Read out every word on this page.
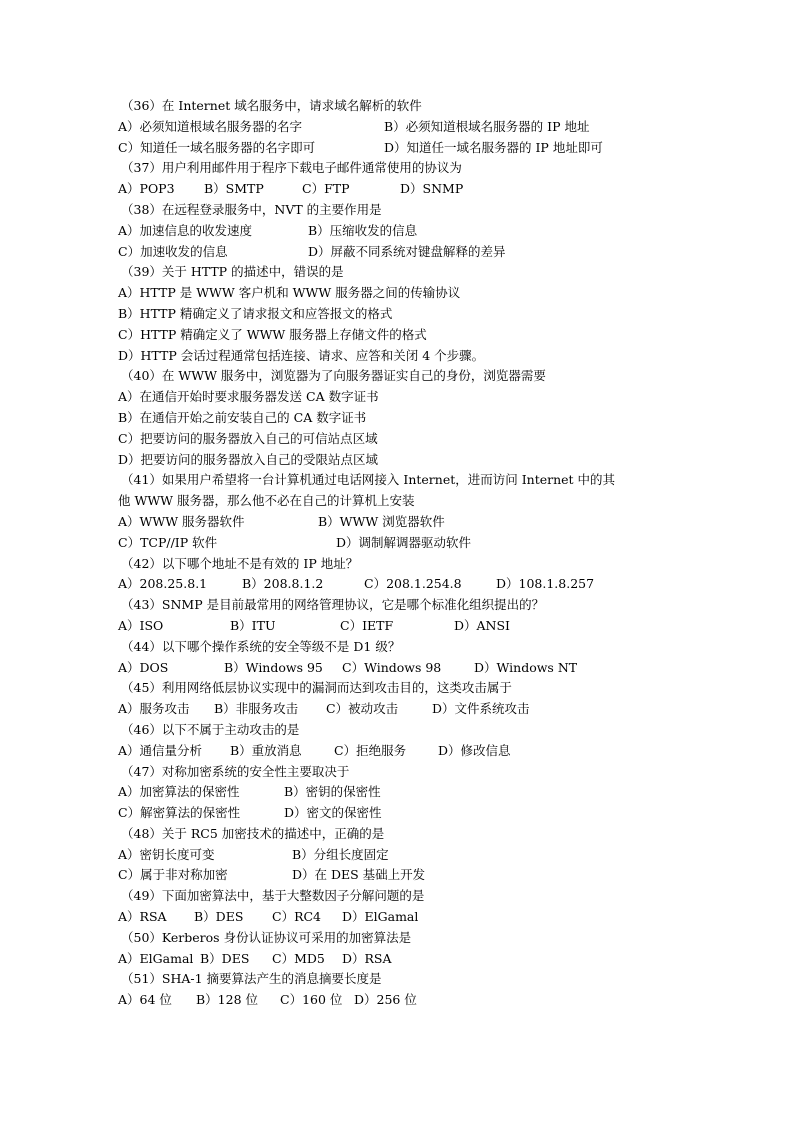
（36）在 Internet 域名服务中，请求域名解析的软件
A）必须知道根域名服务器的名字	B）必须知道根域名服务器的 IP 地址
C）知道任一域名服务器的名字即可	D）知道任一域名服务器的 IP 地址即可
（37）用户利用邮件用于程序下载电子邮件通常使用的协议为
A）POP3 B）SMTP	C）FTP	D）SNMP
（38）在远程登录服务中，NVT 的主要作用是
A）加速信息的收发速度	B）压缩收发的信息
C）加速收发的信息	D）屏蔽不同系统对键盘解释的差异
（39）关于 HTTP 的描述中，错误的是
A）HTTP 是 WWW 客户机和 WWW 服务器之间的传输协议
B）HTTP 精确定义了请求报文和应答报文的格式
C）HTTP 精确定义了 WWW 服务器上存储文件的格式
D）HTTP 会话过程通常包括连接、请求、应答和关闭 4 个步骤。
（40）在 WWW 服务中，浏览器为了向服务器证实自己的身份，浏览器需要
A）在通信开始时要求服务器发送 CA 数字证书
B）在通信开始之前安装自己的 CA 数字证书
C）把要访问的服务器放入自己的可信站点区域
D）把要访问的服务器放入自己的受限站点区域
（41）如果用户希望将一台计算机通过电话网接入 Internet，进而访问 Internet 中的其
他 WWW 服务器，那么他不必在自己的计算机上安装
A）WWW 服务器软件	B）WWW 浏览器软件
C）TCP//IP 软件	D）调制解调器驱动软件
（42）以下哪个地址不是有效的 IP 地址？
A）208.25.8.1	B）208.8.1.2	C）208.1.254.8	D）108.1.8.257
（43）SNMP 是目前最常用的网络管理协议，它是哪个标准化组织提出的？
A）ISO	B）ITU	C）IETF	D）ANSI
（44）以下哪个操作系统的安全等级不是 D1 级？
A）DOS	B）Windows 95 C）Windows 98	D）Windows NT
（45）利用网络低层协议实现中的漏洞而达到攻击目的，这类攻击属于
A）服务攻击 B）非服务攻击 C）被动攻击	D）文件系统攻击
（46）以下不属于主动攻击的是
A）通信量分析 B）重放消息	C）拒绝服务	D）修改信息
（47）对称加密系统的安全性主要取决于
A）加密算法的保密性	B）密钥的保密性
C）解密算法的保密性	D）密文的保密性
（48）关于 RC5 加密技术的描述中，正确的是
A）密钥长度可变	B）分组长度固定
C）属于非对称加密	D）在 DES 基础上开发
（49）下面加密算法中，基于大整数因子分解问题的是
A）RSA B）DES C）RC4 D）ElGamal
（50）Kerberos 身份认证协议可采用的加密算法是
A）ElGamal B）DES C）MD5 D）RSA
（51）SHA-1 摘要算法产生的消息摘要长度是
A）64 位 B）128 位 C）160 位 D）256 位
